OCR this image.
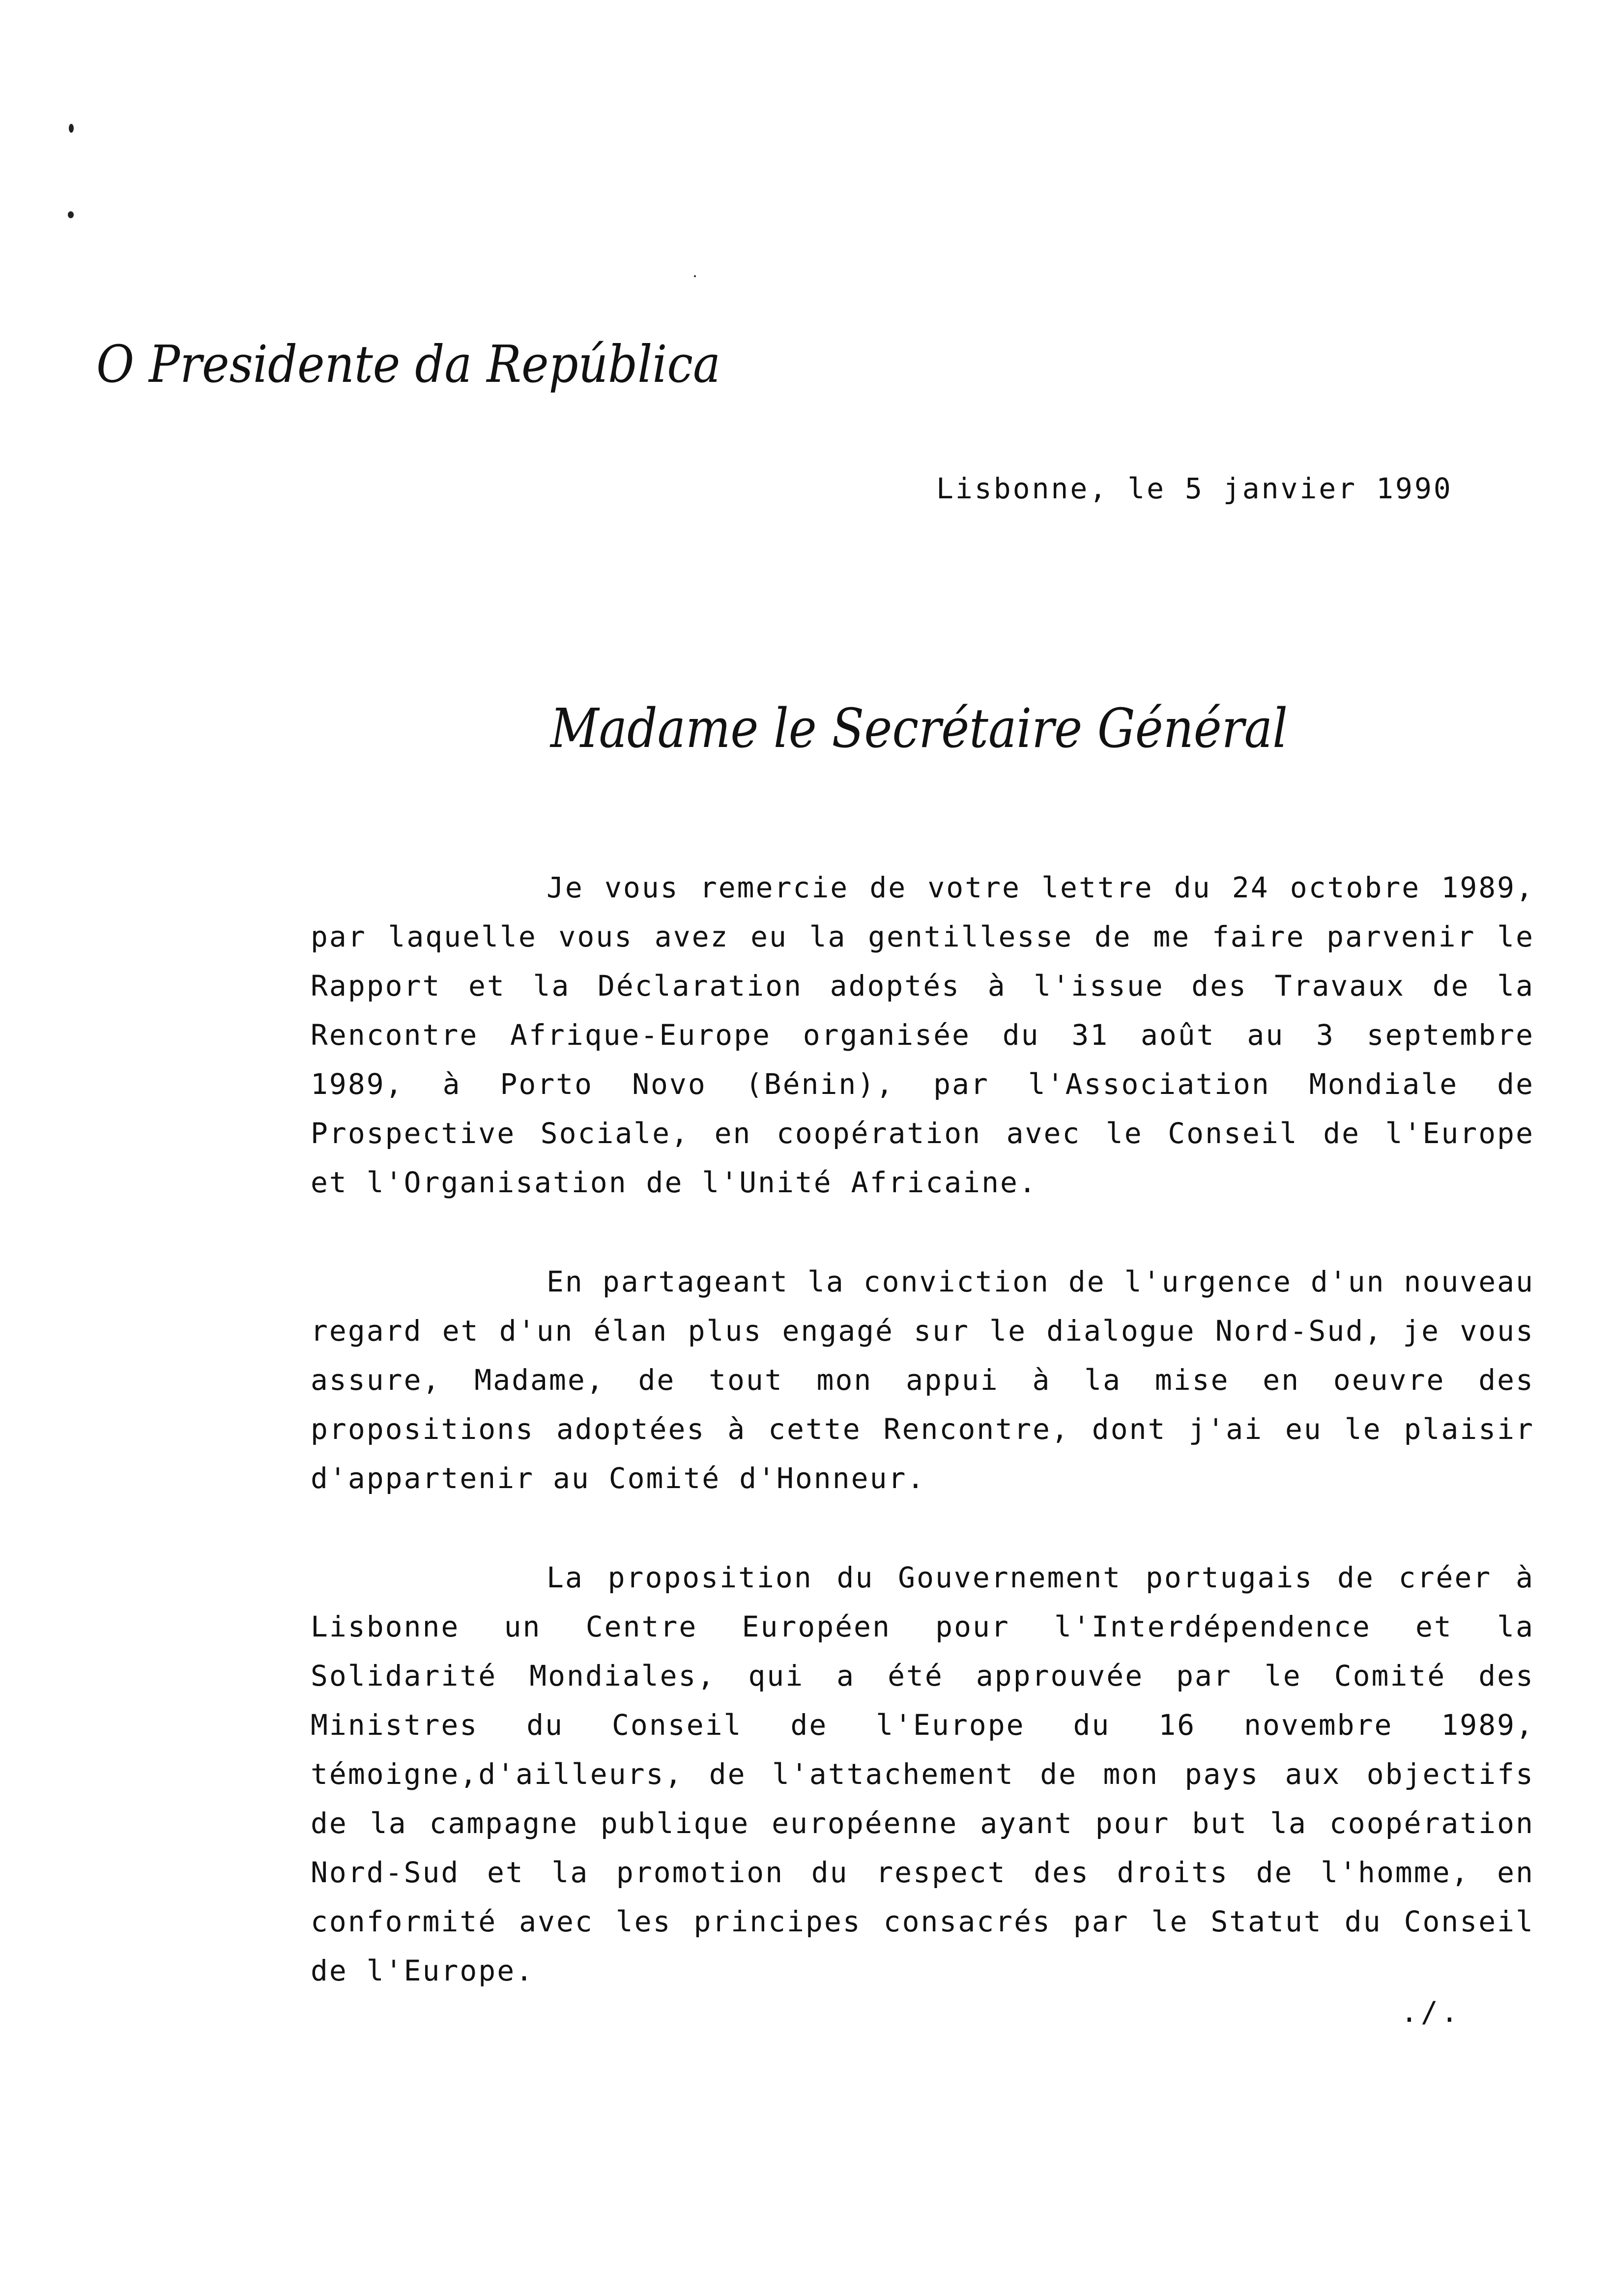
O Presidente da República
Lisbonne, le 5 janvier 1990
Madame le Secrétaire Général

Je vous remercie de votre lettre du 24 octobre 1989, par laquelle vous avez eu la gentillesse de me faire parvenir le Rapport et la Déclaration adoptés à l'issue des Travaux de la Rencontre Afrique-Europe organisée du 31 août au 3 septembre 1989, à Porto Novo (Bénin), par l'Association Mondiale de Prospective Sociale, en coopération avec le Conseil de l'Europe et l'Organisation de l'Unité Africaine.

En partageant la conviction de l'urgence d'un nouveau regard et d'un élan plus engagé sur le dialogue Nord-Sud, je vous assure, Madame, de tout mon appui à la mise en oeuvre des propositions adoptées à cette Rencontre, dont j'ai eu le plaisir d'appartenir au Comité d'Honneur.

La proposition du Gouvernement portugais de créer à Lisbonne un Centre Européen pour l'Interdépendence et la Solidarité Mondiales, qui a été approuvée par le Comité des Ministres du Conseil de l'Europe du 16 novembre 1989, témoigne,d'ailleurs, de l'attachement de mon pays aux objectifs de la campagne publique européenne ayant pour but la coopération Nord-Sud et la promotion du respect des droits de l'homme, en conformité avec les principes consacrés par le Statut du Conseil de l'Europe.

./.
